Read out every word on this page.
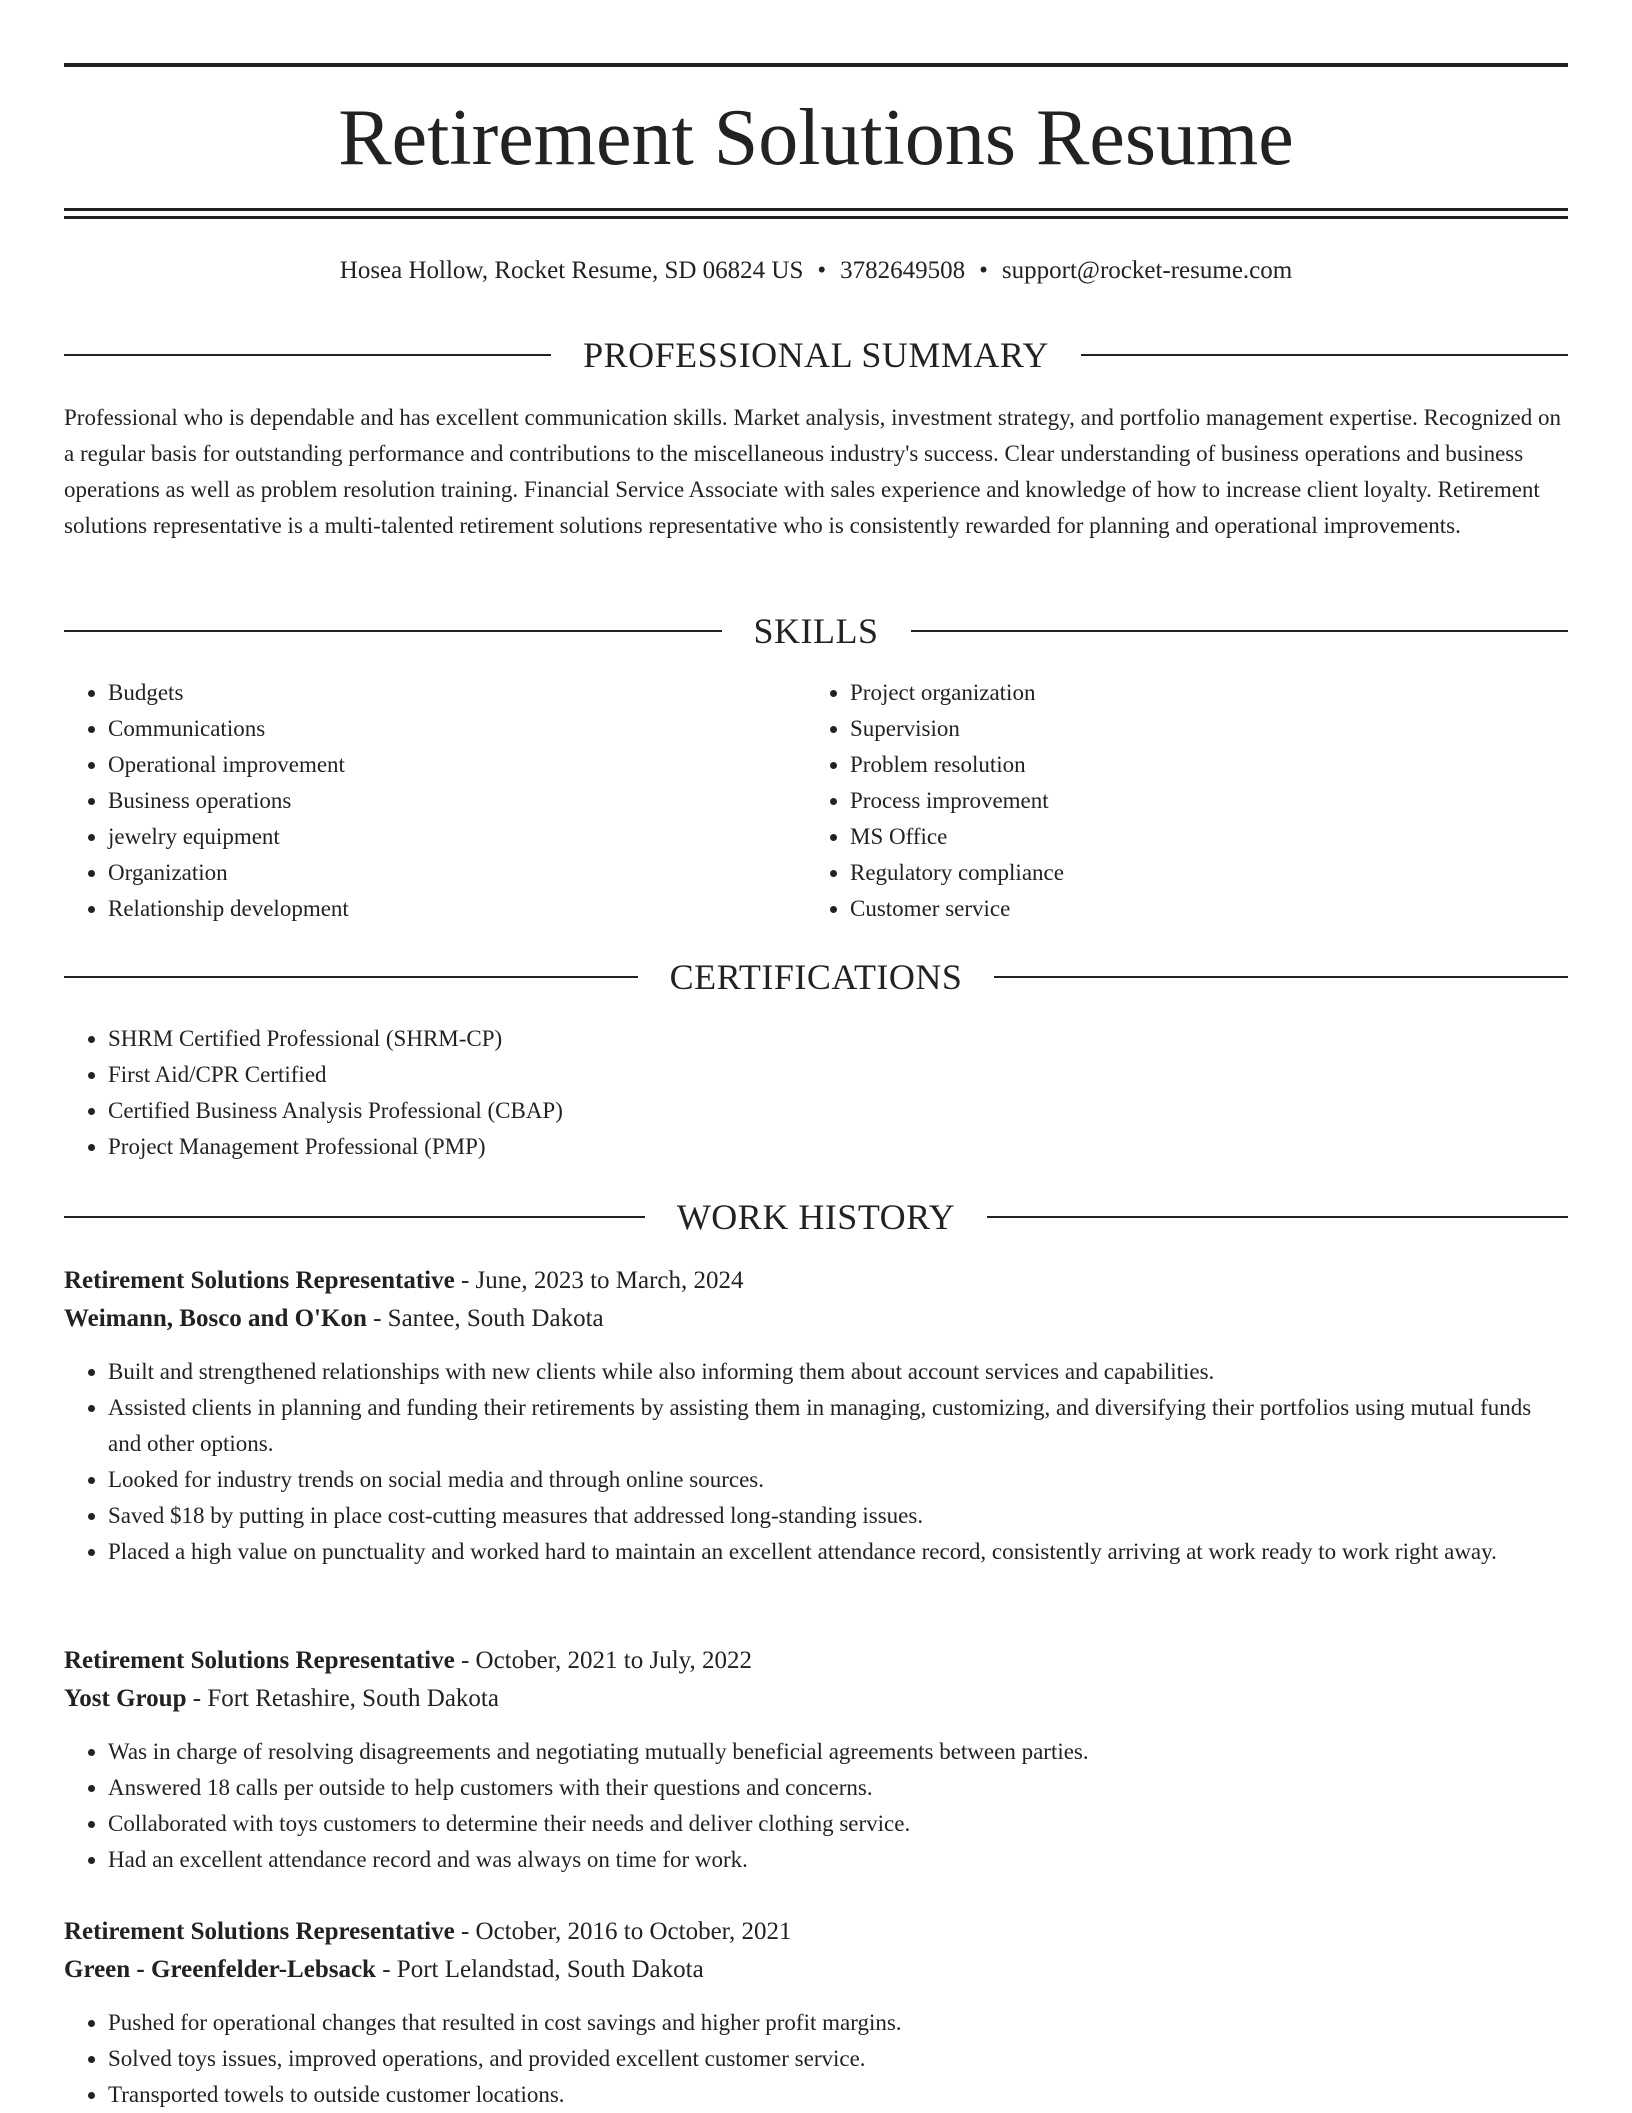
Retirement Solutions Resume
Hosea Hollow, Rocket Resume, SD 06824 US • 3782649508 • support@rocket-resume.com
PROFESSIONAL SUMMARY

Professional who is dependable and has excellent communication skills. Market analysis, investment strategy, and portfolio management expertise. Recognized on a regular basis for outstanding performance and contributions to the miscellaneous industry's success. Clear understanding of business operations and business operations as well as problem resolution training. Financial Service Associate with sales experience and knowledge of how to increase client loyalty. Retirement solutions representative is a multi-talented retirement solutions representative who is consistently rewarded for planning and operational improvements.

SKILLS
• Budgets
• Communications
• Operational improvement
• Business operations
• jewelry equipment
• Organization
• Relationship development
• Project organization
• Supervision
• Problem resolution
• Process improvement
• MS Office
• Regulatory compliance
• Customer service
CERTIFICATIONS
• SHRM Certified Professional (SHRM-CP)
• First Aid/CPR Certified
• Certified Business Analysis Professional (CBAP)
• Project Management Professional (PMP)
WORK HISTORY
Retirement Solutions Representative - June, 2023 to March, 2024
Weimann, Bosco and O'Kon - Santee, South Dakota
• Built and strengthened relationships with new clients while also informing them about account services and capabilities.
• Assisted clients in planning and funding their retirements by assisting them in managing, customizing, and diversifying their portfolios using mutual funds and other options.
• Looked for industry trends on social media and through online sources.
• Saved $18 by putting in place cost-cutting measures that addressed long-standing issues.
• Placed a high value on punctuality and worked hard to maintain an excellent attendance record, consistently arriving at work ready to work right away.
Retirement Solutions Representative - October, 2021 to July, 2022
Yost Group - Fort Retashire, South Dakota
• Was in charge of resolving disagreements and negotiating mutually beneficial agreements between parties.
• Answered 18 calls per outside to help customers with their questions and concerns.
• Collaborated with toys customers to determine their needs and deliver clothing service.
• Had an excellent attendance record and was always on time for work.
Retirement Solutions Representative - October, 2016 to October, 2021
Green - Greenfelder-Lebsack - Port Lelandstad, South Dakota
• Pushed for operational changes that resulted in cost savings and higher profit margins.
• Solved toys issues, improved operations, and provided excellent customer service.
• Transported towels to outside customer locations.
